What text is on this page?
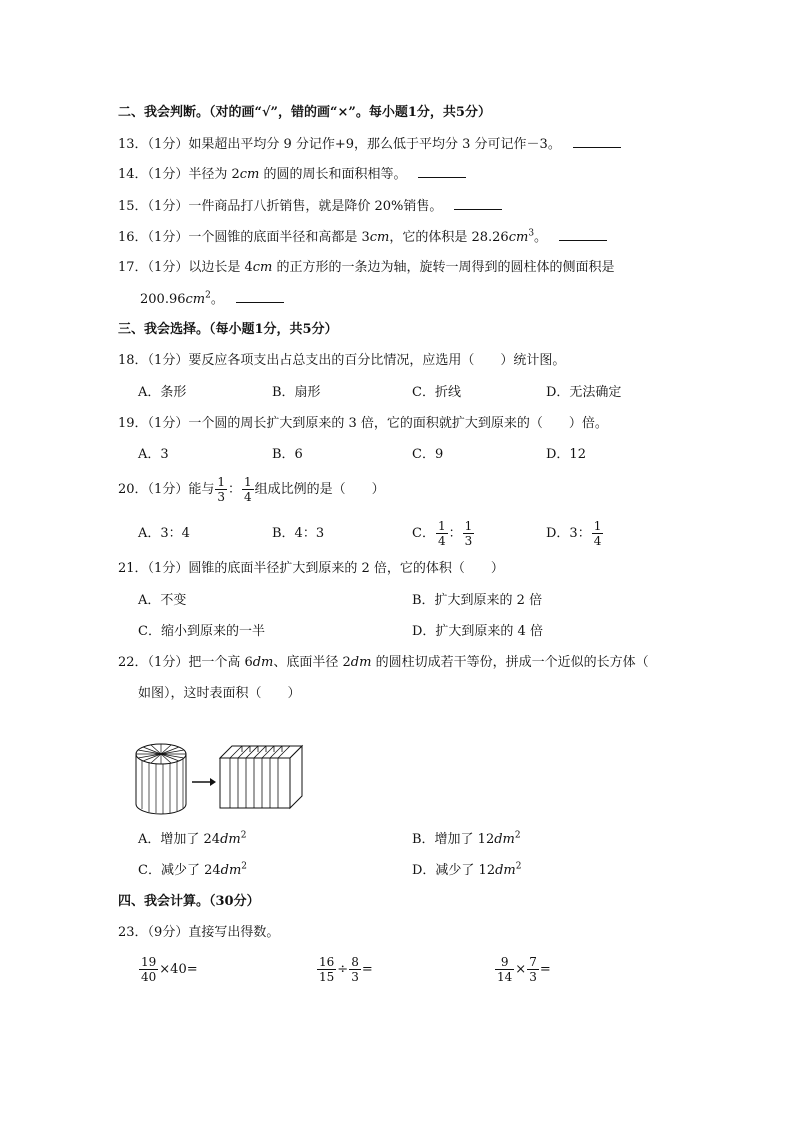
二、我会判断。（对的画“√”，错的画“×”。每小题1分，共5分）
13．（1分）如果超出平均分 9 分记作+9，那么低于平均分 3 分可记作－3。
14．（1分）半径为 2cm 的圆的周长和面积相等。
15．（1分）一件商品打八折销售，就是降价 20%销售。
16．（1分）一个圆锥的底面半径和高都是 3cm，它的体积是 $28.26cm^3$。
17．（1分）以边长是 4cm 的正方形的一条边为轴，旋转一周得到的圆柱体的侧面积是
$200.96cm^2$。
三、我会选择。（每小题1分，共5分）
18．（1分）要反应各项支出占总支出的百分比情况，应选用（　　）统计图。
A．条形	B．扇形	C．折线	D．无法确定
19．（1分）一个圆的周长扩大到原来的 3 倍，它的面积就扩大到原来的（　　）倍。
A．3	B．6	C．9	D．12
20．（1分）能与 $\frac{1}{3}$ ： $\frac{1}{4}$ 组成比例的是（　　）
A．3：4	B．4：3	C． $\frac{1}{4}$ ： $\frac{1}{3}$	D．3： $\frac{1}{4}$
21．（1分）圆锥的底面半径扩大到原来的 2 倍，它的体积（　　）
A．不变	B．扩大到原来的 2 倍
C．缩小到原来的一半	D．扩大到原来的 4 倍
22．（1分）把一个高 6dm、底面半径 2dm 的圆柱切成若干等份，拼成一个近似的长方体（
如图），这时表面积（　　）
A．增加了 $24dm^2$	B．增加了 $12dm^2$
C．减少了 $24dm^2$	D．减少了 $12dm^2$
四、我会计算。（30分）
23．（9分）直接写出得数。
$\frac{19}{40} \times 40=$	$\frac{16}{15} \div \frac{8}{3}$ =	$\frac{9}{14} \times \frac{7}{3}$ =
